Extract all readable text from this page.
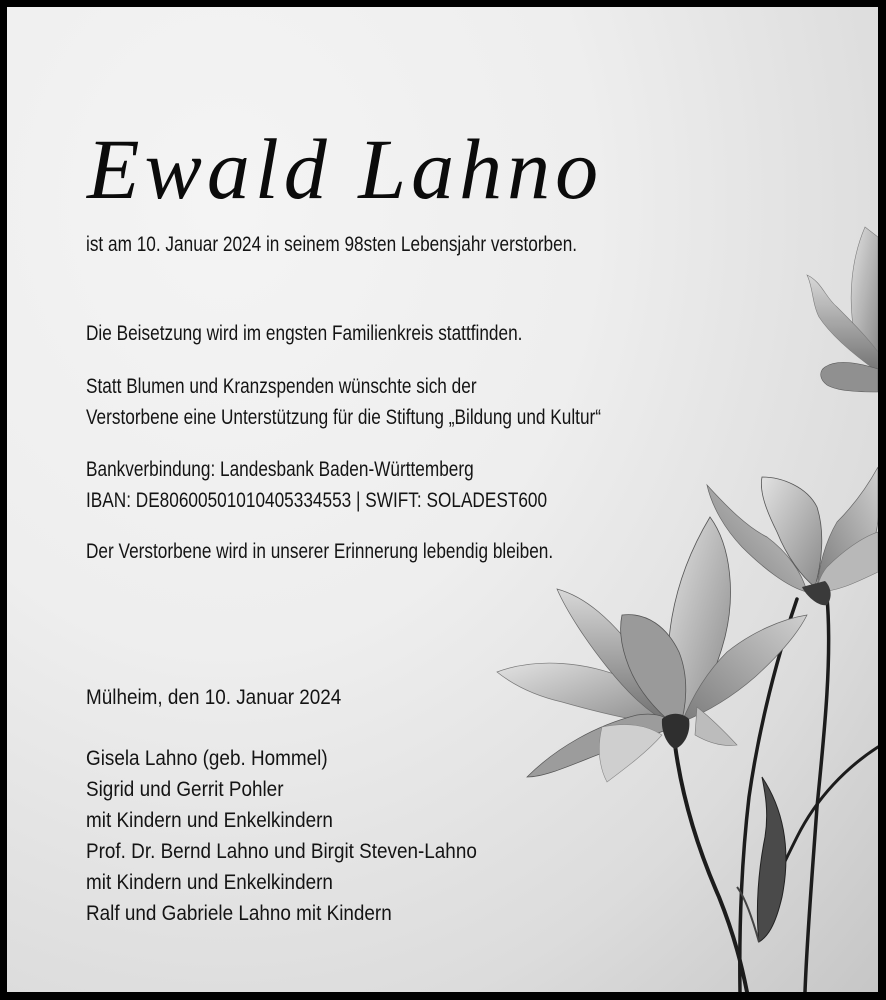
Ewald Lahno

ist am 10. Januar 2024 in seinem 98sten Lebensjahr verstorben.

Die Beisetzung wird im engsten Familienkreis stattfinden.

Statt Blumen und Kranzspenden wünschte sich der

Verstorbene eine Unterstützung für die Stiftung „Bildung und Kultur“

Bankverbindung: Landesbank Baden-Württemberg

IBAN: DE80600501010405334553 | SWIFT: SOLADEST600

Der Verstorbene wird in unserer Erinnerung lebendig bleiben.

Mülheim, den 10. Januar 2024

Gisela Lahno (geb. Hommel)

Sigrid und Gerrit Pohler

mit Kindern und Enkelkindern

Prof. Dr. Bernd Lahno und Birgit Steven-Lahno

mit Kindern und Enkelkindern

Ralf und Gabriele Lahno mit Kindern
